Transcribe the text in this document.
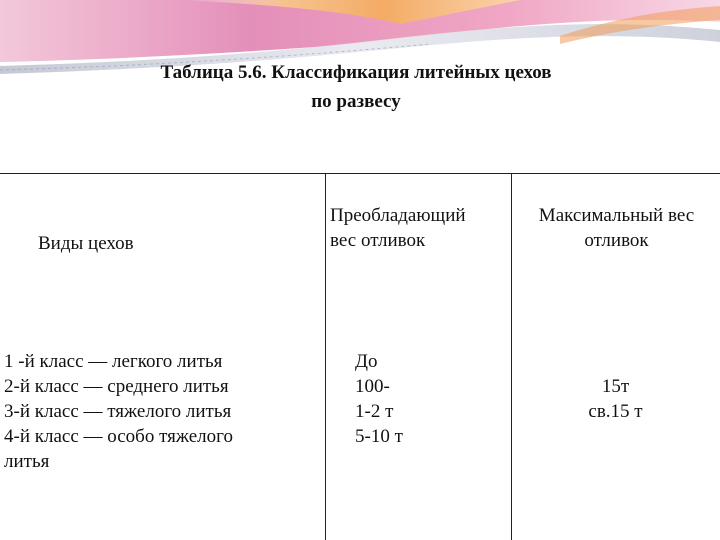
Таблица 5.6. Классификация литейных цехов
по развесу
Виды цехов
Преобладающий
вес отливок
Максимальный вес
отливок
1 -й класс — легкого литья
2-й класс — среднего литья
3-й класс — тяжелого литья
4-й класс — особо тяжелого
литья
До
100-
1-2 т
5-10 т
15т
св.15 т
